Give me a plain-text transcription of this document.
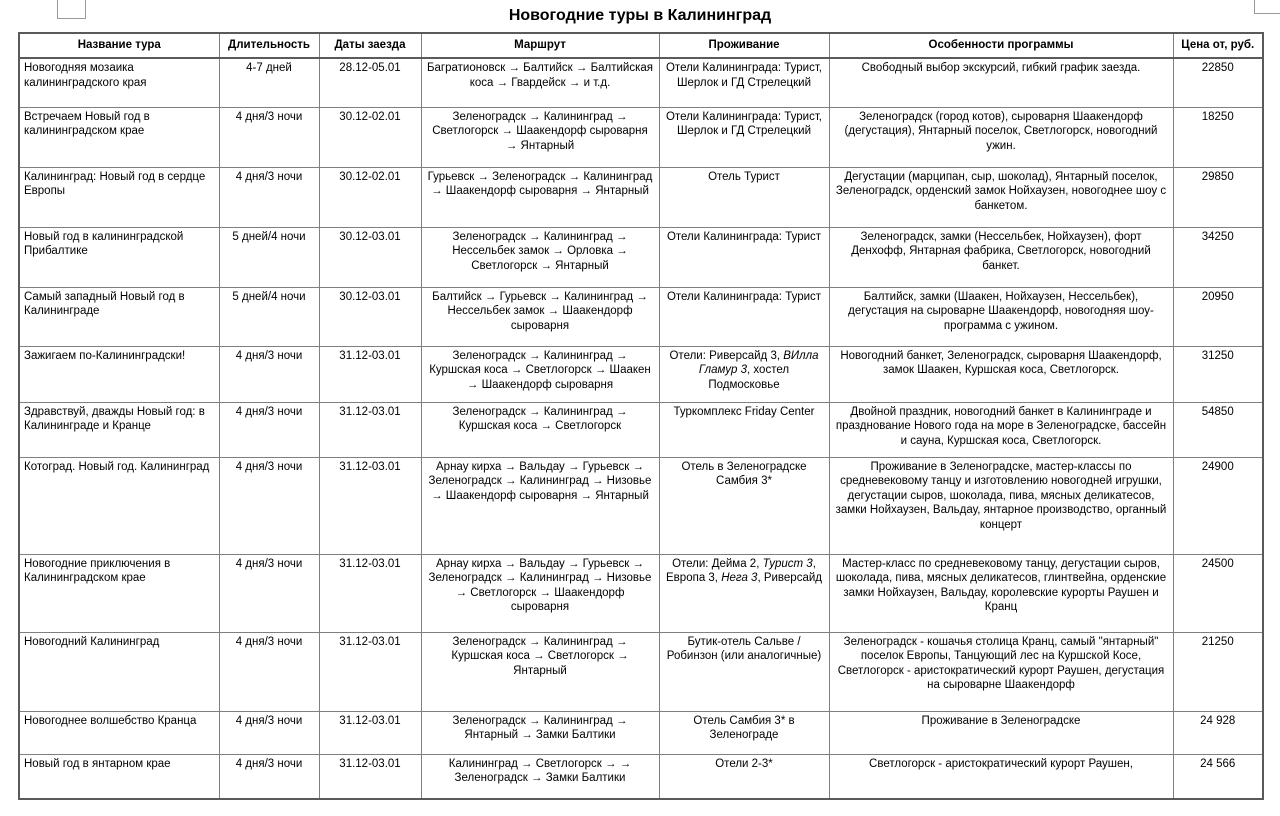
Новогодние туры в Калининград
Название тура	Длительность	Даты заезда	Маршрут	Проживание	Особенности программы	Цена от, руб.
Новогодняя мозаика калининградского края	4-7 дней	28.12-05.01	Багратионовск → Балтийск → Балтийская коса → Гвардейск → и т.д.	Отели Калининграда: Турист, Шерлок и ГД Стрелецкий	Свободный выбор экскурсий, гибкий график заезда.	22850
Встречаем Новый год в калининградском крае	4 дня/3 ночи	30.12-02.01	Зеленоградск → Калининград → Светлогорск → Шаакендорф сыроварня → Янтарный	Отели Калининграда: Турист, Шерлок и ГД Стрелецкий	Зеленоградск (город котов), сыроварня Шаакендорф (дегустация), Янтарный поселок, Светлогорск, новогодний ужин.	18250
Калининград: Новый год в сердце Европы	4 дня/3 ночи	30.12-02.01	Гурьевск → Зеленоградск → Калининград → Шаакендорф сыроварня → Янтарный	Отель Турист	Дегустации (марципан, сыр, шоколад), Янтарный поселок, Зеленоградск, орденский замок Нойхаузен, новогоднее шоу с банкетом.	29850
Новый год в калининградской Прибалтике	5 дней/4 ночи	30.12-03.01	Зеленоградск → Калининград → Нессельбек замок → Орловка → Светлогорск → Янтарный	Отели Калининграда: Турист	Зеленоградск, замки (Нессельбек, Нойхаузен), форт Денхофф, Янтарная фабрика, Светлогорск, новогодний банкет.	34250
Самый западный Новый год в Калининграде	5 дней/4 ночи	30.12-03.01	Балтийск → Гурьевск → Калининград → Нессельбек замок → Шаакендорф сыроварня	Отели Калининграда: Турист	Балтийск, замки (Шаакен, Нойхаузен, Нессельбек), дегустация на сыроварне Шаакендорф, новогодняя шоу-программа с ужином.	20950
Зажигаем по-Калининградски!	4 дня/3 ночи	31.12-03.01	Зеленоградск → Калининград → Куршская коса → Светлогорск → Шаакен → Шаакендорф сыроварня	Отели: Риверсайд 3, ВИлла Гламур 3, хостел Подмосковье	Новогодний банкет, Зеленоградск, сыроварня Шаакендорф, замок Шаакен, Куршская коса, Светлогорск.	31250
Здравствуй, дважды Новый год: в Калининграде и Кранце	4 дня/3 ночи	31.12-03.01	Зеленоградск → Калининград → Куршская коса → Светлогорск	Туркомплекс Friday Center	Двойной праздник, новогодний банкет в Калининграде и празднование Нового года на море в Зеленоградске, бассейн и сауна, Куршская коса, Светлогорск.	54850
Котоград. Новый год. Калининград	4 дня/3 ночи	31.12-03.01	Арнау кирха → Вальдау → Гурьевск → Зеленоградск → Калининград → Низовье → Шаакендорф сыроварня → Янтарный	Отель в Зеленоградске Самбия 3*	Проживание в Зеленоградске, мастер-классы по средневековому танцу и изготовлению новогодней игрушки, дегустации сыров, шоколада, пива, мясных деликатесов, замки Нойхаузен, Вальдау, янтарное производство, органный концерт	24900
Новогодние приключения в Калининградском крае	4 дня/3 ночи	31.12-03.01	Арнау кирха → Вальдау → Гурьевск → Зеленоградск → Калининград → Низовье → Светлогорск → Шаакендорф сыроварня	Отели: Дейма 2, Турист 3, Европа 3, Нега 3, Риверсайд	Мастер-класс по средневековому танцу, дегустации сыров, шоколада, пива, мясных деликатесов, глинтвейна, орденские замки Нойхаузен, Вальдау, королевские курорты Раушен и Кранц	24500
Новогодний Калининград	4 дня/3 ночи	31.12-03.01	Зеленоградск → Калининград → Куршская коса → Светлогорск → Янтарный	Бутик-отель Сальве / Робинзон (или аналогичные)	Зеленоградск - кошачья столица Кранц, самый "янтарный" поселок Европы, Танцующий лес на Куршской Косе, Светлогорск - аристократический курорт Раушен, дегустация на сыроварне Шаакендорф	21250
Новогоднее волшебство Кранца	4 дня/3 ночи	31.12-03.01	Зеленоградск → Калининград → Янтарный → Замки Балтики	Отель Самбия 3* в Зеленограде	Проживание в Зеленоградске	24 928
Новый год в янтарном крае	4 дня/3 ночи	31.12-03.01	Калининград → Светлогорск → → Зеленоградск → Замки Балтики	Отели 2-3*	Светлогорск - аристократический курорт Раушен,	24 566
